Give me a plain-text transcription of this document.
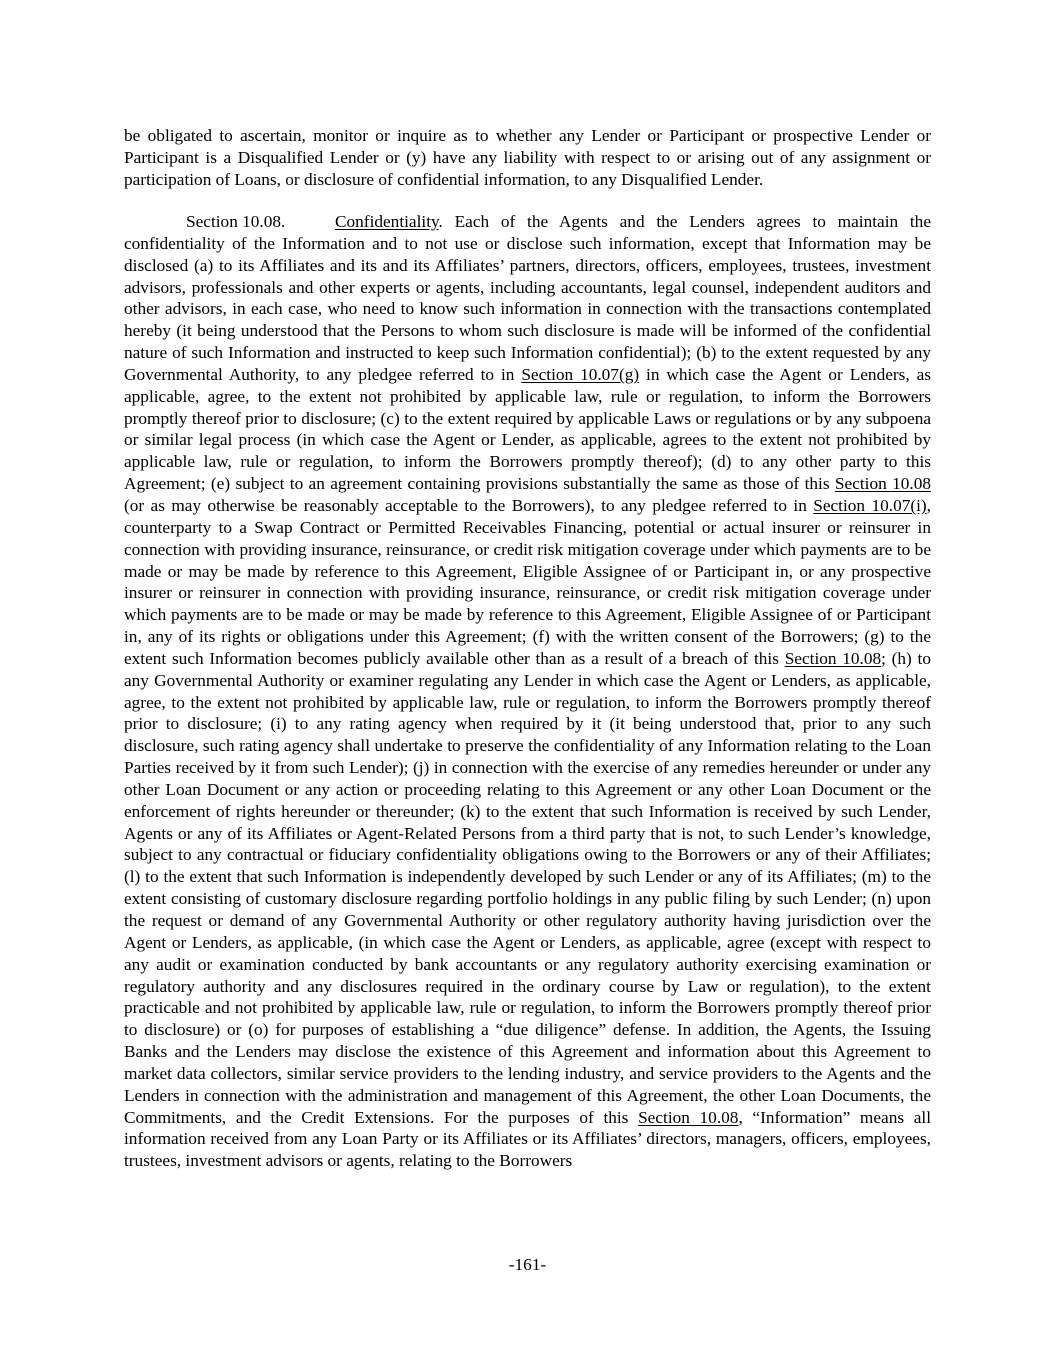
be obligated to ascertain, monitor or inquire as to whether any Lender or Participant or prospective Lender or Participant is a Disqualified Lender or (y) have any liability with respect to or arising out of any assignment or participation of Loans, or disclosure of confidential information, to any Disqualified Lender.

Section 10.08.	Confidentiality. Each of the Agents and the Lenders agrees to maintain the confidentiality of the Information and to not use or disclose such information, except that Information may be disclosed (a) to its Affiliates and its and its Affiliates’ partners, directors, officers, employees, trustees, investment advisors, professionals and other experts or agents, including accountants, legal counsel, independent auditors and other advisors, in each case, who need to know such information in connection with the transactions contemplated hereby (it being understood that the Persons to whom such disclosure is made will be informed of the confidential nature of such Information and instructed to keep such Information confidential); (b) to the extent requested by any Governmental Authority, to any pledgee referred to in Section 10.07(g) in which case the Agent or Lenders, as applicable, agree, to the extent not prohibited by applicable law, rule or regulation, to inform the Borrowers promptly thereof prior to disclosure; (c) to the extent required by applicable Laws or regulations or by any subpoena or similar legal process (in which case the Agent or Lender, as applicable, agrees to the extent not prohibited by applicable law, rule or regulation, to inform the Borrowers promptly thereof); (d) to any other party to this Agreement; (e) subject to an agreement containing provisions substantially the same as those of this Section 10.08 (or as may otherwise be reasonably acceptable to the Borrowers), to any pledgee referred to in Section 10.07(i), counterparty to a Swap Contract or Permitted Receivables Financing, potential or actual insurer or reinsurer in connection with providing insurance, reinsurance, or credit risk mitigation coverage under which payments are to be made or may be made by reference to this Agreement, Eligible Assignee of or Participant in, or any prospective insurer or reinsurer in connection with providing insurance, reinsurance, or credit risk mitigation coverage under which payments are to be made or may be made by reference to this Agreement, Eligible Assignee of or Participant in, any of its rights or obligations under this Agreement; (f) with the written consent of the Borrowers; (g) to the extent such Information becomes publicly available other than as a result of a breach of this Section 10.08; (h) to any Governmental Authority or examiner regulating any Lender in which case the Agent or Lenders, as applicable, agree, to the extent not prohibited by applicable law, rule or regulation, to inform the Borrowers promptly thereof prior to disclosure; (i) to any rating agency when required by it (it being understood that, prior to any such disclosure, such rating agency shall undertake to preserve the confidentiality of any Information relating to the Loan Parties received by it from such Lender); (j) in connection with the exercise of any remedies hereunder or under any other Loan Document or any action or proceeding relating to this Agreement or any other Loan Document or the enforcement of rights hereunder or thereunder; (k) to the extent that such Information is received by such Lender, Agents or any of its Affiliates or Agent-Related Persons from a third party that is not, to such Lender’s knowledge, subject to any contractual or fiduciary confidentiality obligations owing to the Borrowers or any of their Affiliates; (l) to the extent that such Information is independently developed by such Lender or any of its Affiliates; (m) to the extent consisting of customary disclosure regarding portfolio holdings in any public filing by such Lender; (n) upon the request or demand of any Governmental Authority or other regulatory authority having jurisdiction over the Agent or Lenders, as applicable, (in which case the Agent or Lenders, as applicable, agree (except with respect to any audit or examination conducted by bank accountants or any regulatory authority exercising examination or regulatory authority and any disclosures required in the ordinary course by Law or regulation), to the extent practicable and not prohibited by applicable law, rule or regulation, to inform the Borrowers promptly thereof prior to disclosure) or (o) for purposes of establishing a “due diligence” defense. In addition, the Agents, the Issuing Banks and the Lenders may disclose the existence of this Agreement and information about this Agreement to market data collectors, similar service providers to the lending industry, and service providers to the Agents and the Lenders in connection with the administration and management of this Agreement, the other Loan Documents, the Commitments, and the Credit Extensions. For the purposes of this Section 10.08, “Information” means all information received from any Loan Party or its Affiliates or its Affiliates’ directors, managers, officers, employees, trustees, investment advisors or agents, relating to the Borrowers

-161-
